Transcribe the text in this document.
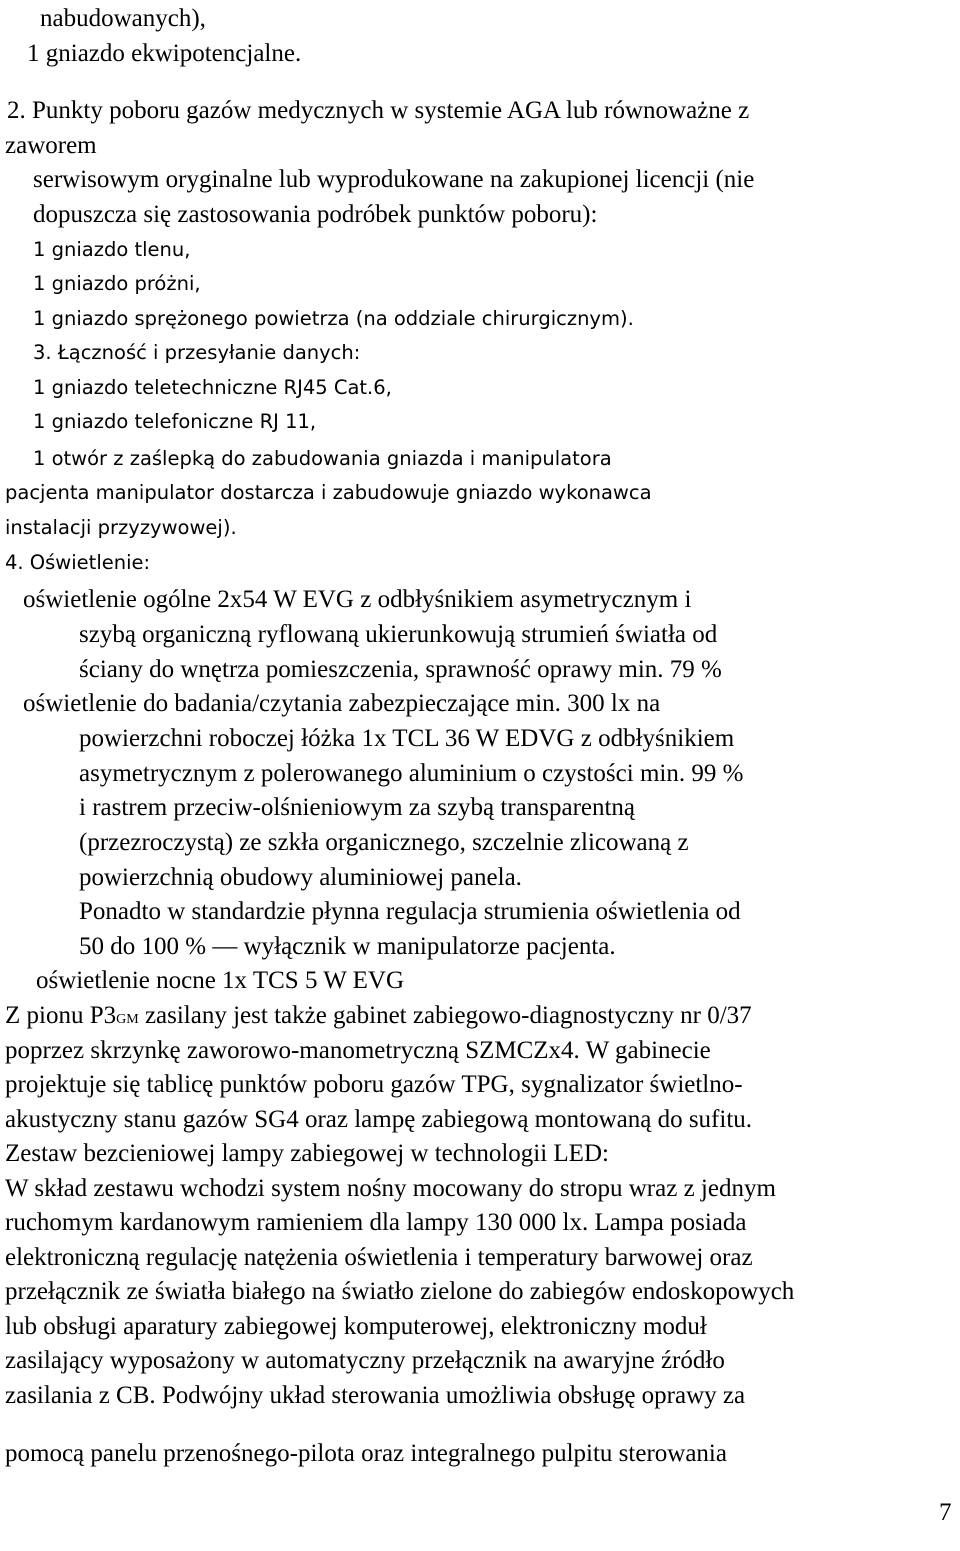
nabudowanych),
1 gniazdo ekwipotencjalne.
2. Punkty poboru gazów medycznych w systemie AGA lub równoważne z
zaworem
serwisowym oryginalne lub wyprodukowane na zakupionej licencji (nie
dopuszcza się zastosowania podróbek punktów poboru):
1 gniazdo tlenu,
1 gniazdo próżni,
1 gniazdo sprężonego powietrza (na oddziale chirurgicznym).
3. Łączność i przesyłanie danych:
1 gniazdo teletechniczne RJ45 Cat.6,
1 gniazdo telefoniczne RJ 11,
1 otwór z zaślepką do zabudowania gniazda i manipulatora
pacjenta manipulator dostarcza i zabudowuje gniazdo wykonawca
instalacji przyzywowej).
4. Oświetlenie:
oświetlenie ogólne 2x54 W EVG z odbłyśnikiem asymetrycznym i
szybą organiczną ryflowaną ukierunkowują strumień światła od
ściany do wnętrza pomieszczenia, sprawność oprawy min. 79 %
oświetlenie do badania/czytania zabezpieczające min. 300 lx na
powierzchni roboczej łóżka 1x TCL 36 W EDVG z odbłyśnikiem
asymetrycznym z polerowanego aluminium o czystości min. 99 %
i rastrem przeciw-olśnieniowym za szybą transparentną
(przezroczystą) ze szkła organicznego, szczelnie zlicowaną z
powierzchnią obudowy aluminiowej panela.
Ponadto w standardzie płynna regulacja strumienia oświetlenia od
50 do 100 % — wyłącznik w manipulatorze pacjenta.
oświetlenie nocne 1x TCS 5 W EVG
Z pionu P3GM zasilany jest także gabinet zabiegowo-diagnostyczny nr 0/37
poprzez skrzynkę zaworowo-manometryczną SZMCZx4. W gabinecie
projektuje się tablicę punktów poboru gazów TPG, sygnalizator świetlno-
akustyczny stanu gazów SG4 oraz lampę zabiegową montowaną do sufitu.
Zestaw bezcieniowej lampy zabiegowej w technologii LED:
W skład zestawu wchodzi system nośny mocowany do stropu wraz z jednym
ruchomym kardanowym ramieniem dla lampy 130 000 lx. Lampa posiada
elektroniczną regulację natężenia oświetlenia i temperatury barwowej oraz
przełącznik ze światła białego na światło zielone do zabiegów endoskopowych
lub obsługi aparatury zabiegowej komputerowej, elektroniczny moduł
zasilający wyposażony w automatyczny przełącznik na awaryjne źródło
zasilania z CB. Podwójny układ sterowania umożliwia obsługę oprawy za
pomocą panelu przenośnego-pilota oraz integralnego pulpitu sterowania
7
